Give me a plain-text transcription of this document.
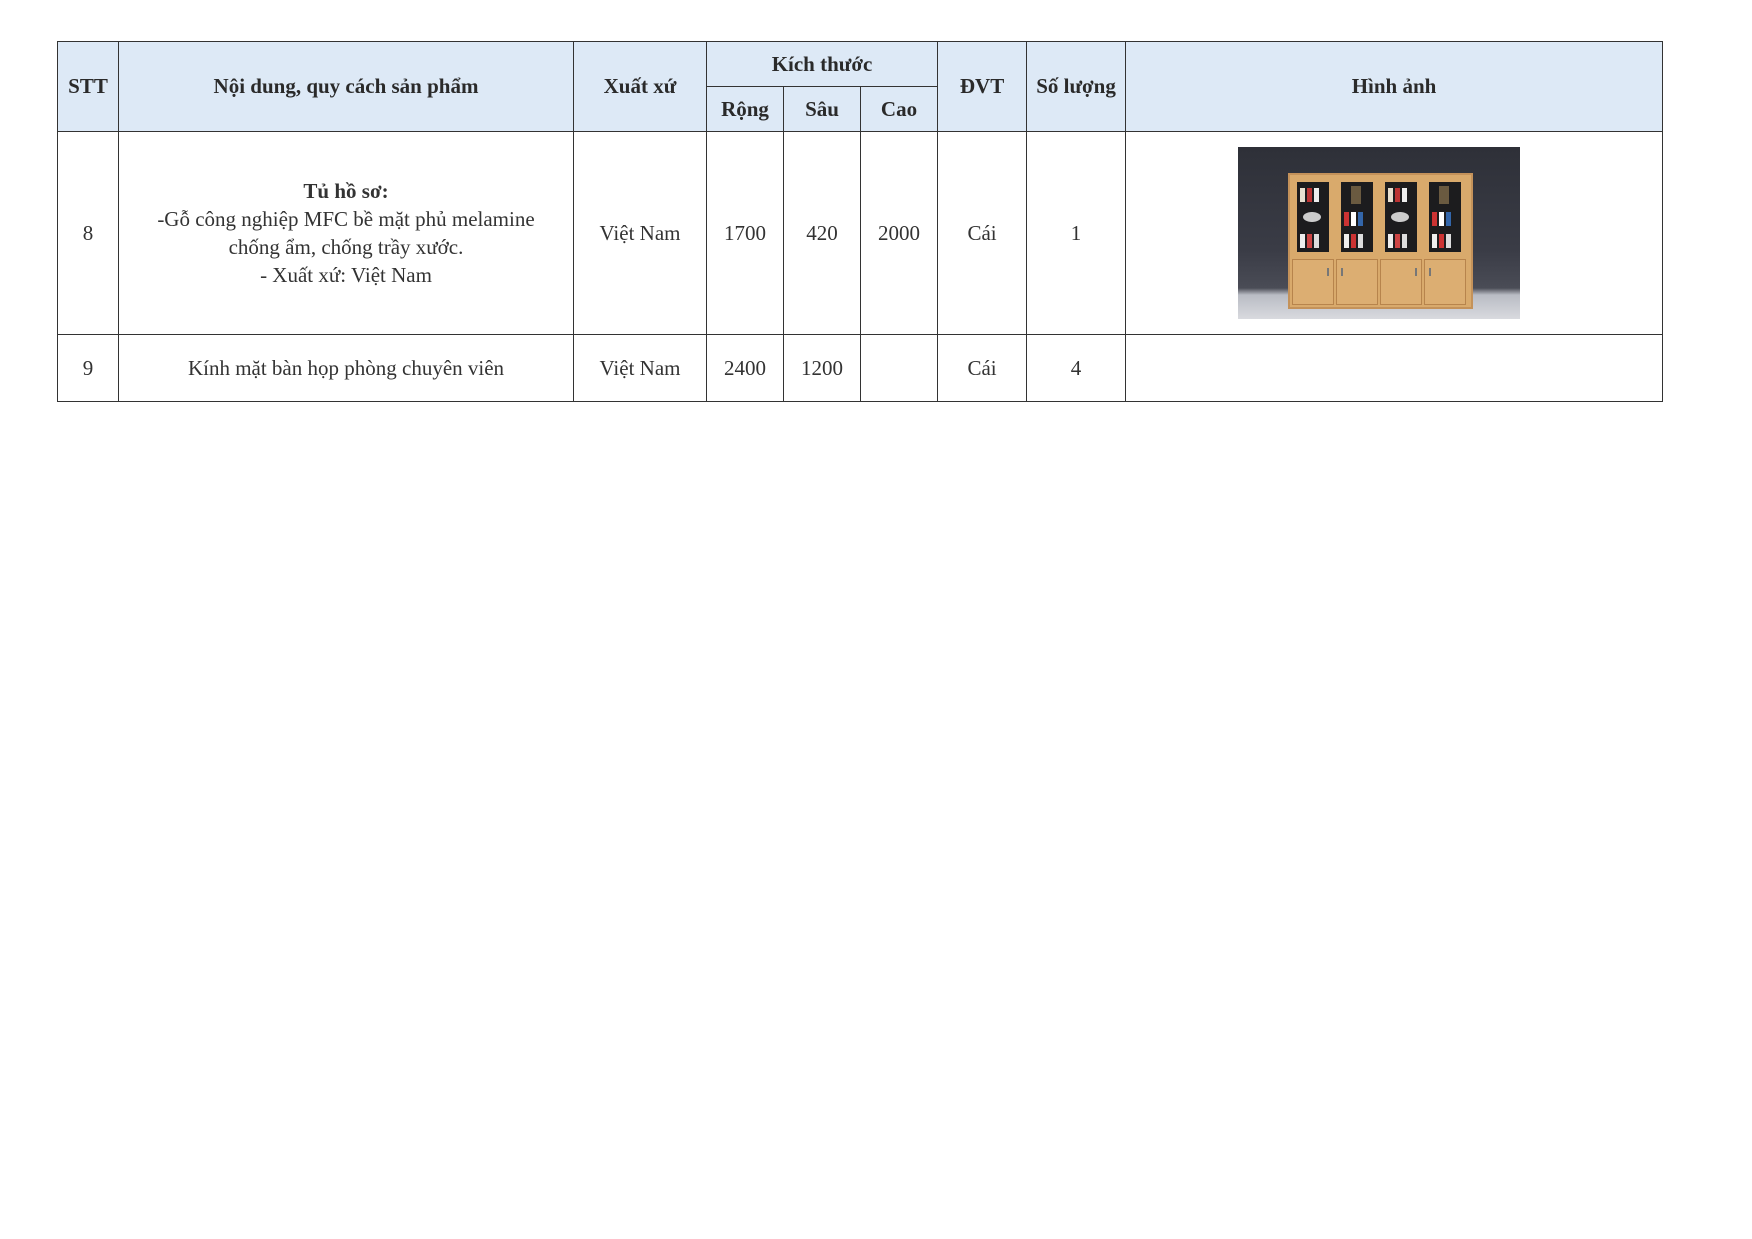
STT	Nội dung, quy cách sản phẩm	Xuất xứ	Kích thước			ĐVT	Số lượng	Hình ảnh
			Rộng	Sâu	Cao			
8	Tủ hồ sơ:
-Gỗ công nghiệp MFC bề mặt phủ melamine
chống ẩm, chống trầy xước.
- Xuất xứ: Việt Nam	Việt Nam	1700	420	2000	Cái	1	

9	Kính mặt bàn họp phòng chuyên viên	Việt Nam	2400	1200		Cái	4	
